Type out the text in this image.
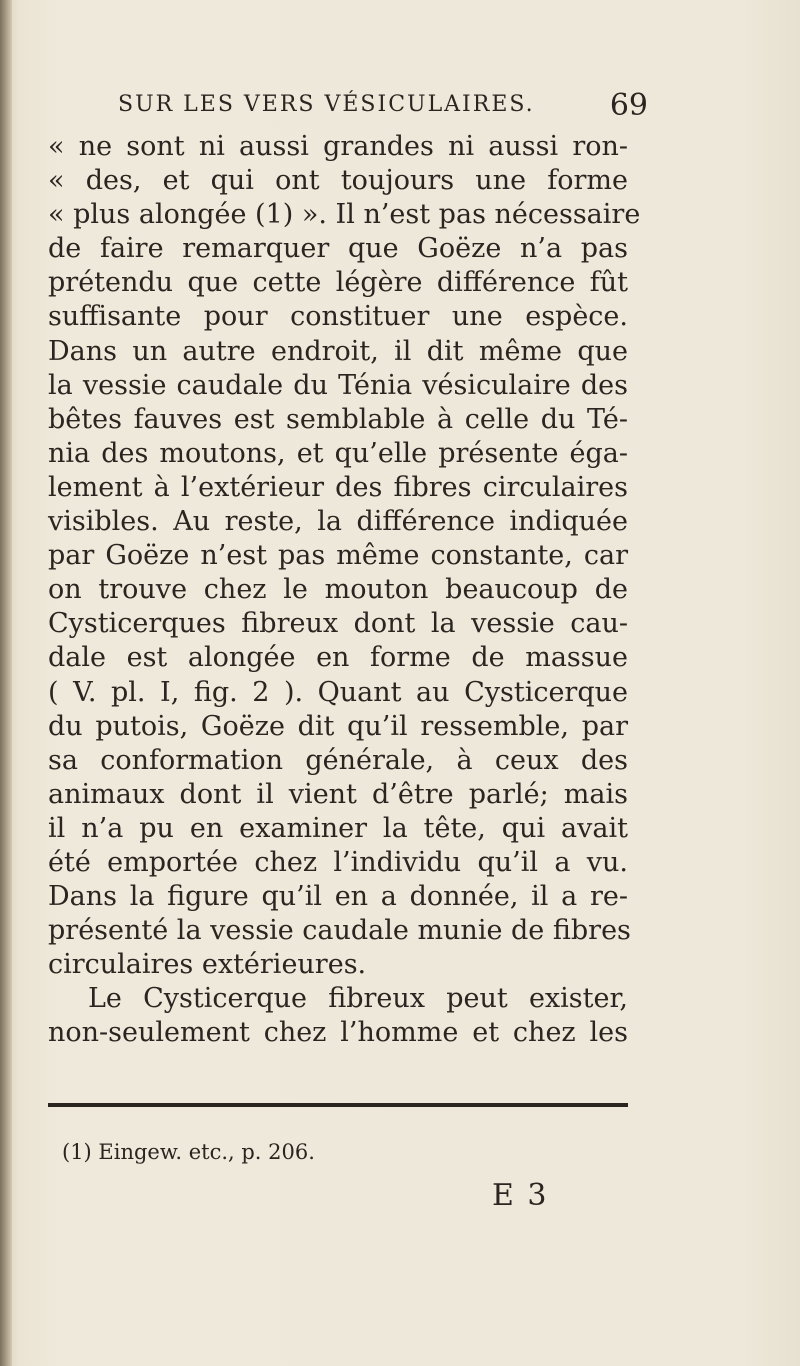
SUR LES VERS VÉSICULAIRES.	69
« ne sont ni aussi grandes ni aussi ron-
« des, et qui ont toujours une forme
« plus alongée (1) ». Il n’est pas nécessaire
de faire remarquer que Goëze n’a pas
prétendu que cette légère différence fût
suffisante pour constituer une espèce.
Dans un autre endroit, il dit même que
la vessie caudale du Ténia vésiculaire des
bêtes fauves est semblable à celle du Té-
nia des moutons, et qu’elle présente éga-
lement à l’extérieur des fibres circulaires
visibles. Au reste, la différence indiquée
par Goëze n’est pas même constante, car
on trouve chez le mouton beaucoup de
Cysticerques fibreux dont la vessie cau-
dale est alongée en forme de massue
( V. pl. I, fig. 2 ). Quant au Cysticerque
du putois, Goëze dit qu’il ressemble, par
sa conformation générale, à ceux des
animaux dont il vient d’être parlé; mais
il n’a pu en examiner la tête, qui avait
été emportée chez l’individu qu’il a vu.
Dans la figure qu’il en a donnée, il a re-
présenté la vessie caudale munie de fibres
circulaires extérieures.
Le Cysticerque fibreux peut exister,
non-seulement chez l’homme et chez les
(1) Eingew. etc., p. 206.
E 3
